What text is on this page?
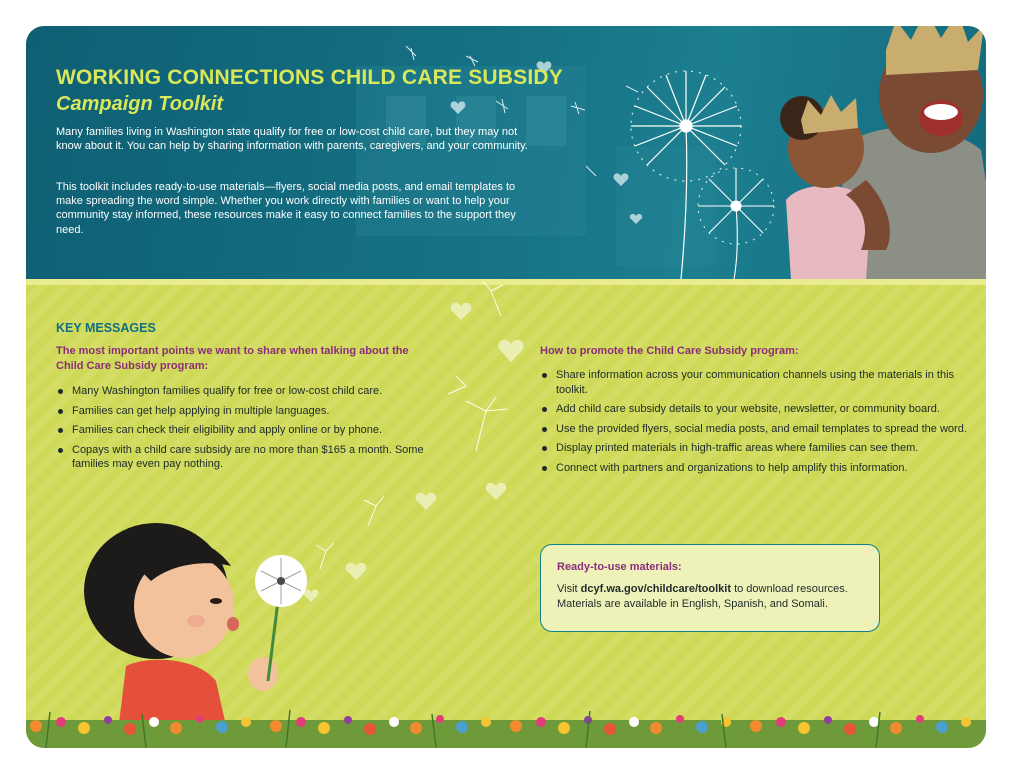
WORKING CONNECTIONS CHILD CARE SUBSIDY
Campaign Toolkit

Many families living in Washington state qualify for free or low-cost child care, but they may not know about it. You can help by sharing information with parents, caregivers, and your community.

This toolkit includes ready-to-use materials—flyers, social media posts, and email templates to make spreading the word simple. Whether you work directly with families or want to help your community stay informed, these resources make it easy to connect families to the support they need.

KEY MESSAGES

The most important points we want to share when talking about the Child Care Subsidy program:

Many Washington families qualify for free or low-cost child care.
Families can get help applying in multiple languages.
Families can check their eligibility and apply online or by phone.
Copays with a child care subsidy are no more than $165 a month. Some families may even pay nothing.

How to promote the Child Care Subsidy program:

Share information across your communication channels using the materials in this toolkit.
Add child care subsidy details to your website, newsletter, or community board.
Use the provided flyers, social media posts, and email templates to spread the word.
Display printed materials in high-traffic areas where families can see them.
Connect with partners and organizations to help amplify this information.

Ready-to-use materials:

Visit dcyf.wa.gov/childcare/toolkit to download resources. Materials are available in English, Spanish, and Somali.
